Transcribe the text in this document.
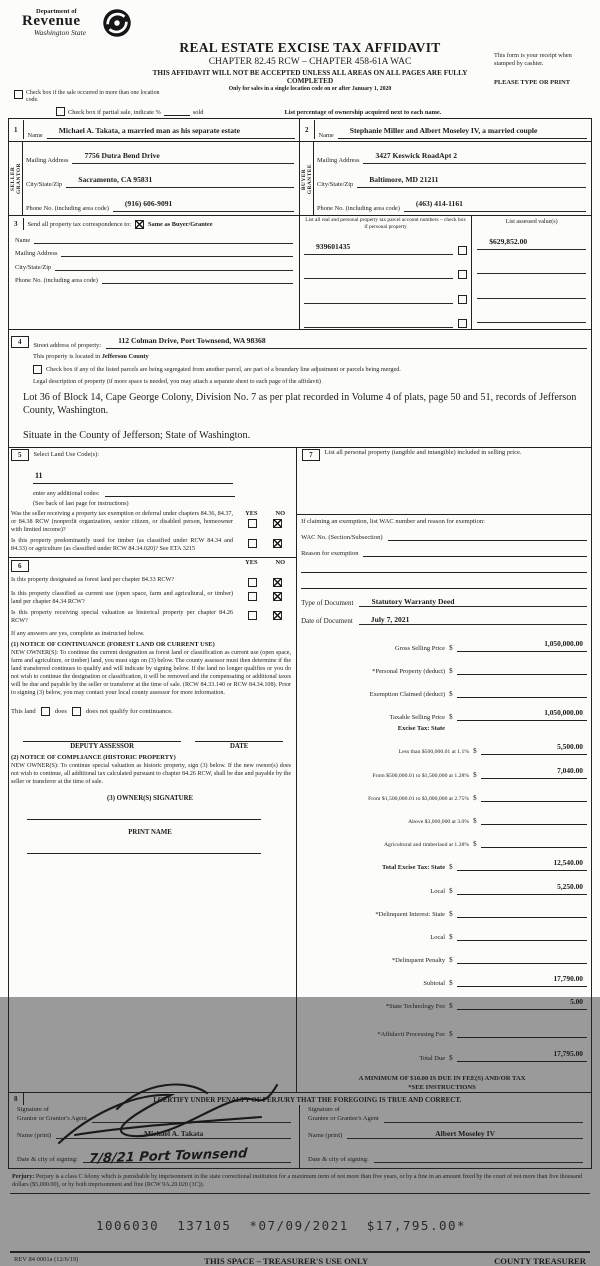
Department of
Revenue
Washington State
REAL ESTATE EXCISE TAX AFFIDAVIT
CHAPTER 82.45 RCW – CHAPTER 458-61A WAC
THIS AFFIDAVIT WILL NOT BE ACCEPTED UNLESS ALL AREAS ON ALL PAGES ARE FULLY COMPLETED
Only for sales in a single location code on or after January 1, 2020
This form is your receipt when stamped by cashier.
PLEASE TYPE OR PRINT
Check box if the sale occurred in more than one location code.
Check box if partial sale, indicate %	sold	List percentage of ownership acquired next to each name.
1
Name
Michael A. Takata, a married man as his separate estate
SELLER
GRANTOR
Mailing Address
7756 Dutra Bend Drive
City/State/Zip
Sacramento, CA 95831
Phone No. (including area code)
(916) 606-9091
2
Name
Stephanie Miller and Albert Moseley IV, a married couple
BUYER
GRANTEE
Mailing Address
3427 Keswick RoadApt 2
City/State/Zip
Baltimore, MD 21211
Phone No. (including area code)
(463) 414-1161
3	Send all property tax correspondence to:	Same as Buyer/Grantee
Name
Mailing Address
City/State/Zip
Phone No. (including area code)
List all real and personal property tax parcel account numbers – check box if personal property
939601435
List assessed value(s)
$629,852.00
4	Street address of property:
112 Colman Drive, Port Townsend, WA 98368
This property is located in Jefferson County
Check box if any of the listed parcels are being segregated from another parcel, are part of a boundary line adjustment or parcels being merged.
Legal description of property (if more space is needed, you may attach a separate sheet to each page of the affidavit)
Lot 36 of Block 14, Cape George Colony, Division No. 7 as per plat recorded in Volume 4 of plats, page 50 and 51, records of Jefferson County, Washington.
Situate in the County of Jefferson; State of Washington.
5	Select Land Use Code(s):
11
enter any additional codes:
(See back of last page for instructions)
Was the seller receiving a property tax exemption or deferral under chapters 84.36, 84.37, or 84.38 RCW (nonprofit organization, senior citizen, or disabled person, homeowner with limited income)?
YES	NO
Is this property predominantly used for timber (as classified under RCW 84.34 and 84.33) or agriculture (as classified under RCW 84.34.020)? See ETA 3215
6	YES	NO
Is this property designated as forest land per chapter 84.33 RCW?
Is this property classified as current use (open space, farm and agricultural, or timber) land per chapter 84.34 RCW?
Is this property receiving special valuation as historical property per chapter 84.26 RCW?
If any answers are yes, complete as instructed below.
(1) NOTICE OF CONTINUANCE (FOREST LAND OR CURRENT USE)
NEW OWNER(S): To continue the current designation as forest land or classification as current use (open space, farm and agriculture, or timber) land, you must sign on (3) below. The county assessor must then determine if the land transferred continues to qualify and will indicate by signing below. If the land no longer qualifies or you do not wish to continue the designation or classification, it will be removed and the compensating or additional taxes will be due and payable by the seller or transferor at the time of sale. (RCW 84.33.140 or RCW 84.34.108). Prior to signing (3) below, you may contact your local county assessor for more information.
This land	does	does not qualify for continuance.
DEPUTY ASSESSOR	DATE
(2) NOTICE OF COMPLIANCE (HISTORIC PROPERTY)
NEW OWNER(S): To continue special valuation as historic property, sign (3) below. If the new owner(s) does not wish to continue, all additional tax calculated pursuant to chapter 84.26 RCW, shall be due and payable by the seller or transferor at the time of sale.
(3) OWNER(S) SIGNATURE
PRINT NAME
7	List all personal property (tangible and intangible) included in selling price.
If claiming an exemption, list WAC number and reason for exemption:
WAC No. (Section/Subsection)
Reason for exemption
Type of Document	Statutory Warranty Deed
Date of Document	July 7, 2021
Gross Selling Price $	1,050,000.00
*Personal Property (deduct) $
Exemption Claimed (deduct) $
Taxable Selling Price $	1,050,000.00
Excise Tax: State
Less than $500,000.01 at 1.1% $	5,500.00
From $500,000.01 to $1,500,000 at 1.28% $	7,040.00
From $1,500,000.01 to $3,000,000 at 2.75% $
Above $3,000,000 at 3.0% $
Agricultural and timberland at 1.28% $
Total Excise Tax: State $	12,540.00
Local $	5,250.00
*Delinquent Interest: State $
Local $
*Delinquent Penalty $
Subtotal $	17,790.00
*State Technology Fee $	5.00
*Affidavit Processing Fee $
Total Due $	17,795.00
A MINIMUM OF $10.00 IS DUE IN FEE(S) AND/OR TAX
*SEE INSTRUCTIONS
8	I CERTIFY UNDER PENALTY OF PERJURY THAT THE FOREGOING IS TRUE AND CORRECT.
Signature of
Grantor or Grantor's Agent
Name (print)	Michael A. Takata
Date & city of signing: 7/8/21 Port Townsend
Signature of
Grantee or Grantee's Agent
Name (print)	Albert Moseley IV
Date & city of signing:
Perjury: Perjury is a class C felony which is punishable by imprisonment in the state correctional institution for a maximum term of not more than five years, or by a fine in an amount fixed by the court of not more than five thousand dollars ($5,000.00), or by both imprisonment and fine (RCW 9A.20.020 (1C)).
1006030  137105  *07/09/2021  $17,795.00*
REV 84 0001a (12/6/19)	THIS SPACE – TREASURER'S USE ONLY	COUNTY TREASURER
